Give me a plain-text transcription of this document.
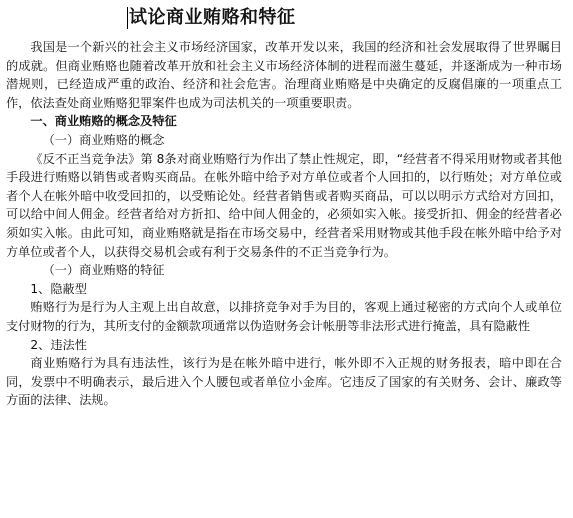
试论商业贿赂和特征

我国是一个新兴的社会主义市场经济国家，改革开发以来，我国的经济和社会发展取得了世界瞩目的成就。但商业贿赂也随着改革开放和社会主义市场经济体制的进程而滋生蔓延，并逐渐成为一种市场潜规则，已经造成严重的政治、经济和社会危害。治理商业贿赂是中央确定的反腐倡廉的一项重点工作，依法查处商业贿赂犯罪案件也成为司法机关的一项重要职责。

一、商业贿赂的概念及特征

（一）商业贿赂的概念

《反不正当竞争法》第 8条对商业贿赂行为作出了禁止性规定，即，“经营者不得采用财物或者其他手段进行贿赂以销售或者购买商品。在帐外暗中给予对方单位或者个人回扣的，以行贿处；对方单位或者个人在帐外暗中收受回扣的，以受贿论处。经营者销售或者购买商品，可以以明示方式给对方回扣，可以给中间人佣金。经营者给对方折扣、给中间人佣金的，必须如实入帐。接受折扣、佣金的经营者必须如实入帐。由此可知，商业贿赂就是指在市场交易中，经营者采用财物或其他手段在帐外暗中给予对方单位或者个人，以获得交易机会或有利于交易条件的不正当竞争行为。

（一）商业贿赂的特征

1、隐蔽型

贿赂行为是行为人主观上出自故意，以排挤竞争对手为目的，客观上通过秘密的方式向个人或单位支付财物的行为，其所支付的金额款项通常以伪造财务会计帐册等非法形式进行掩盖，具有隐蔽性

2、违法性

商业贿赂行为具有违法性，该行为是在帐外暗中进行，帐外即不入正规的财务报表，暗中即在合同，发票中不明确表示，最后进入个人腰包或者单位小金库。它违反了国家的有关财务、会计、廉政等方面的法律、法规。
